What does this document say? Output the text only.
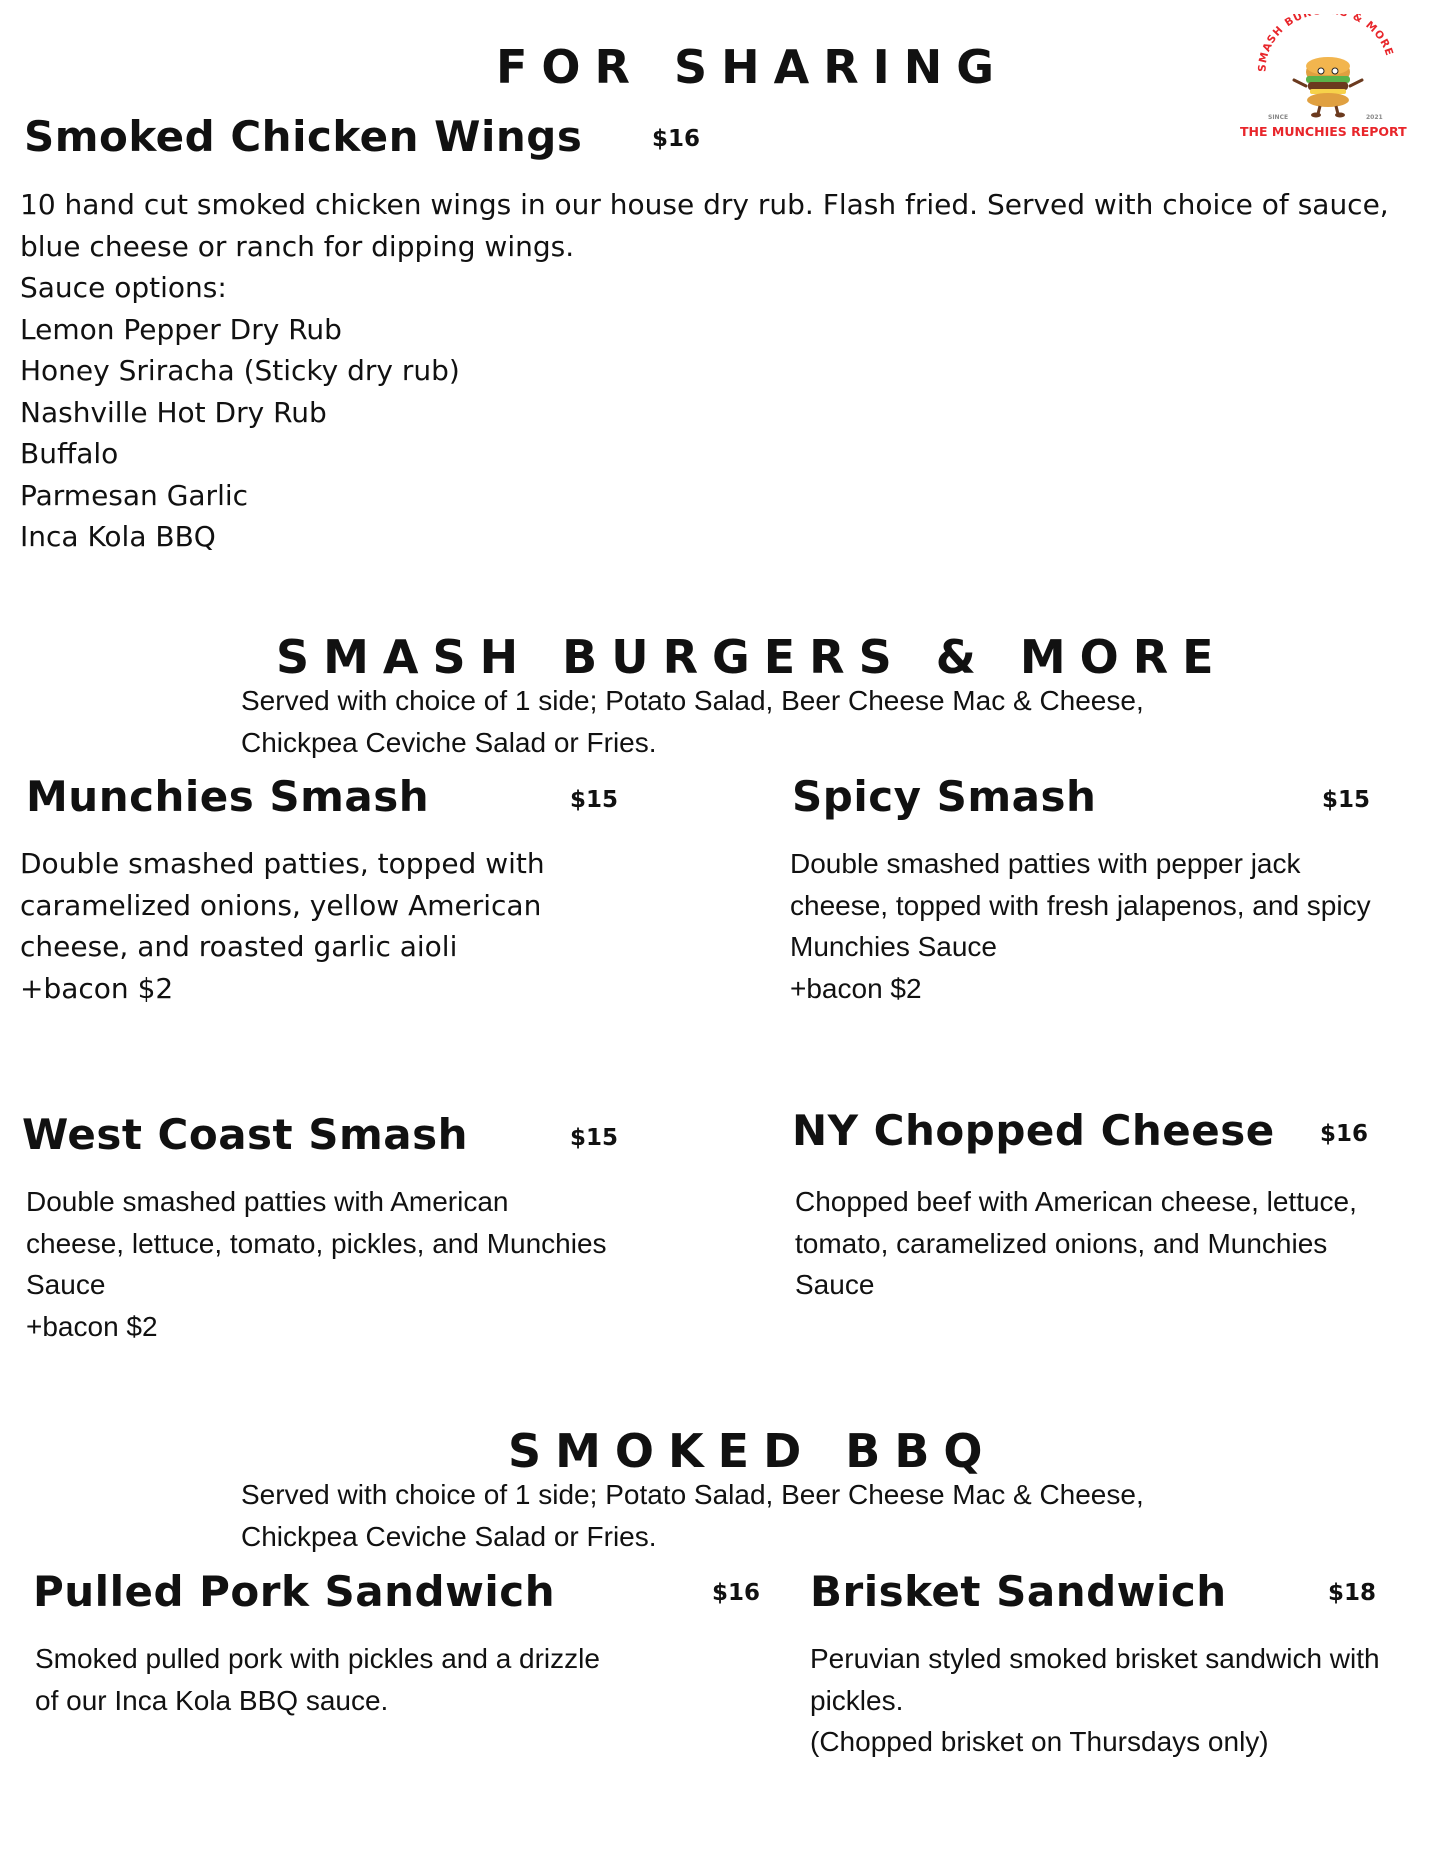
SMASH BU & MORE
SINCE	2021
THE MUNCHIES REPORT
FOR SHARING
Smoked Chicken Wings	$16
10 hand cut smoked chicken wings in our house dry rub. Flash fried. Served with choice of sauce,
blue cheese or ranch for dipping wings.
Sauce options:
Lemon Pepper Dry Rub
Honey Sriracha (Sticky dry rub)
Nashville Hot Dry Rub
Buffalo
Parmesan Garlic
Inca Kola BBQ
SMASH BURGERS & MORE
Served with choice of 1 side; Potato Salad, Beer Cheese Mac & Cheese,
Chickpea Ceviche Salad or Fries.
Munchies Smash	$15
Double smashed patties, topped with
caramelized onions, yellow American
cheese, and roasted garlic aioli
+bacon $2
Spicy Smash	$15
Double smashed patties with pepper jack
cheese, topped with fresh jalapenos, and spicy
Munchies Sauce
+bacon $2
West Coast Smash	$15
Double smashed patties with American
cheese, lettuce, tomato, pickles, and Munchies
Sauce
+bacon $2
NY Chopped Cheese $16
Chopped beef with American cheese, lettuce,
tomato, caramelized onions, and Munchies
Sauce
SMOKED BBQ
Served with choice of 1 side; Potato Salad, Beer Cheese Mac & Cheese,
Chickpea Ceviche Salad or Fries.
Pulled Pork Sandwich	$16
Smoked pulled pork with pickles and a drizzle
of our Inca Kola BBQ sauce.
Brisket Sandwich	$18
Peruvian styled smoked brisket sandwich with
pickles.
(Chopped brisket on Thursdays only)
